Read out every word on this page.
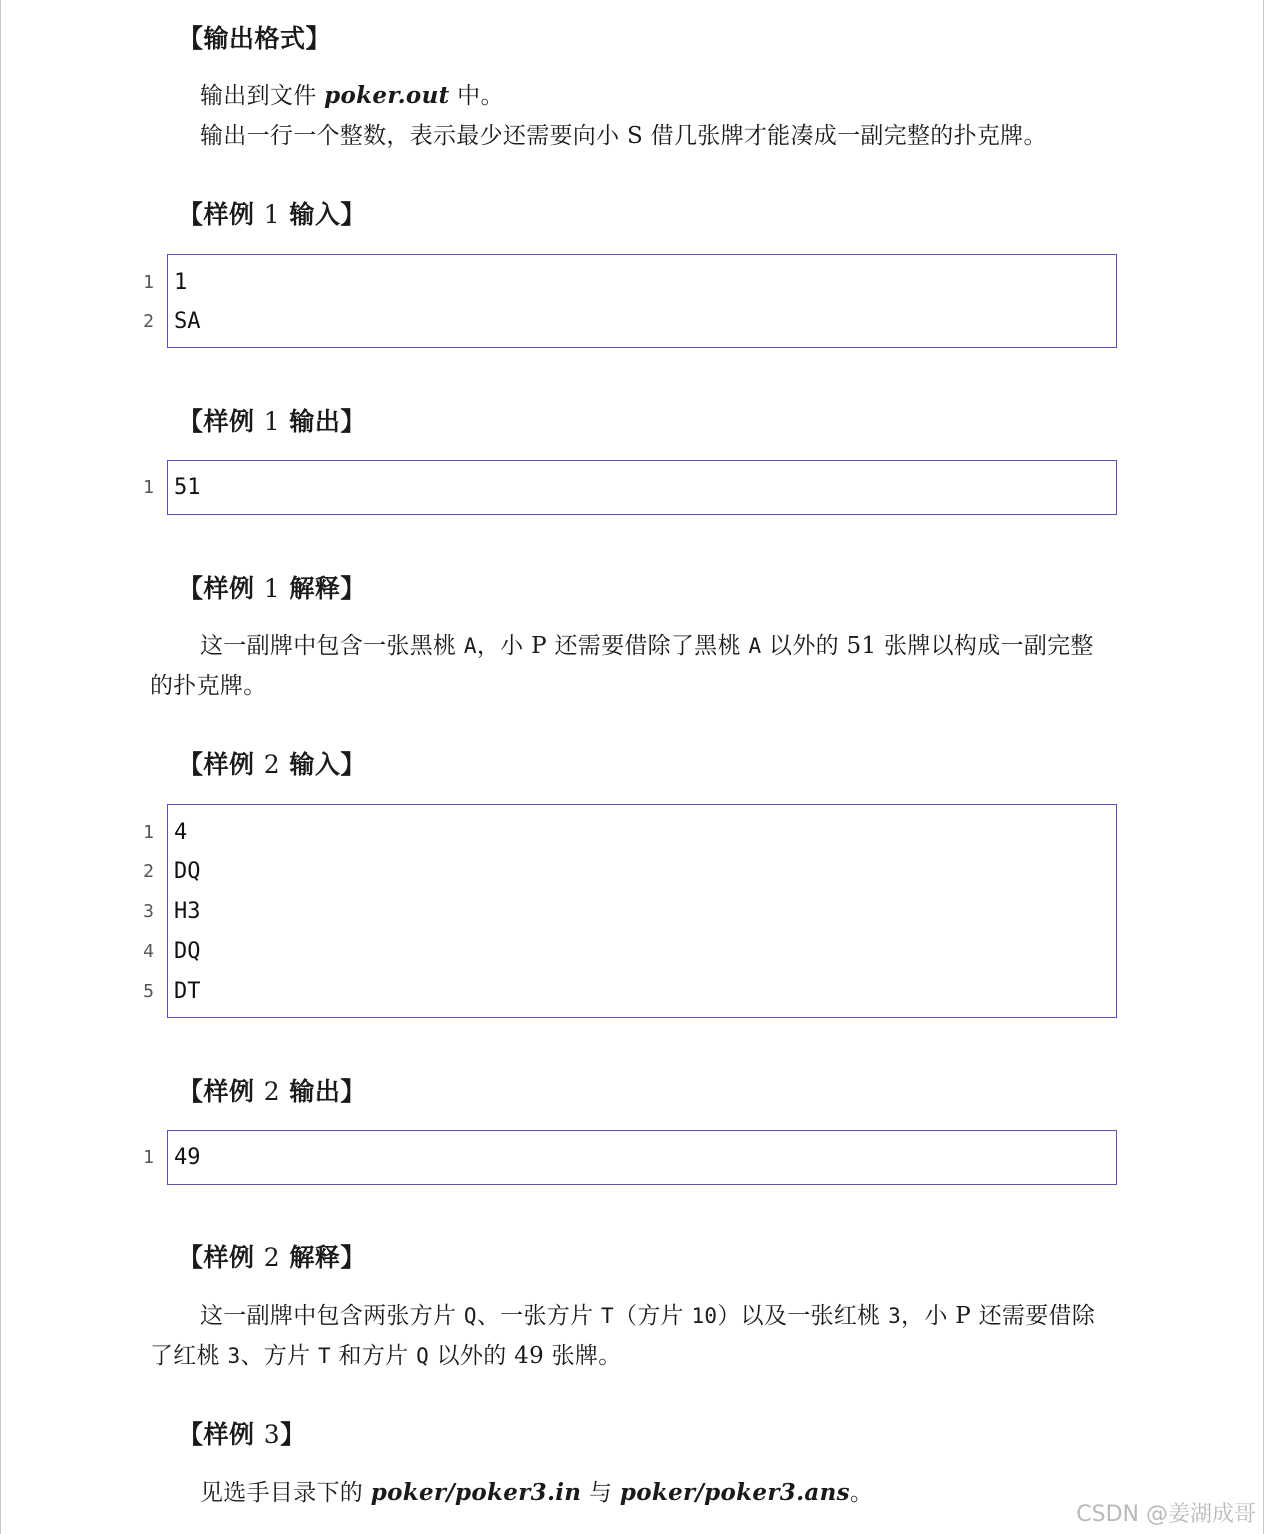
【输出格式】

输出到文件 poker.out 中。

输出一行一个整数，表示最少还需要向小 S 借几张牌才能凑成一副完整的扑克牌。

【样例 1 输入】
1 1
2 SA
【样例 1 输出】
1 51
【样例 1 解释】

这一副牌中包含一张黑桃 A，小 P 还需要借除了黑桃 A 以外的 51 张牌以构成一副完整的扑克牌。

【样例 2 输入】
1 4
2 DQ
3 H3
4 DQ
5 DT
【样例 2 输出】
1 49
【样例 2 解释】

这一副牌中包含两张方片 Q、一张方片 T（方片 10）以及一张红桃 3，小 P 还需要借除了红桃 3、方片 T 和方片 Q 以外的 49 张牌。

【样例 3】

见选手目录下的 poker/poker3.in 与 poker/poker3.ans。

CSDN @姜湖成哥
